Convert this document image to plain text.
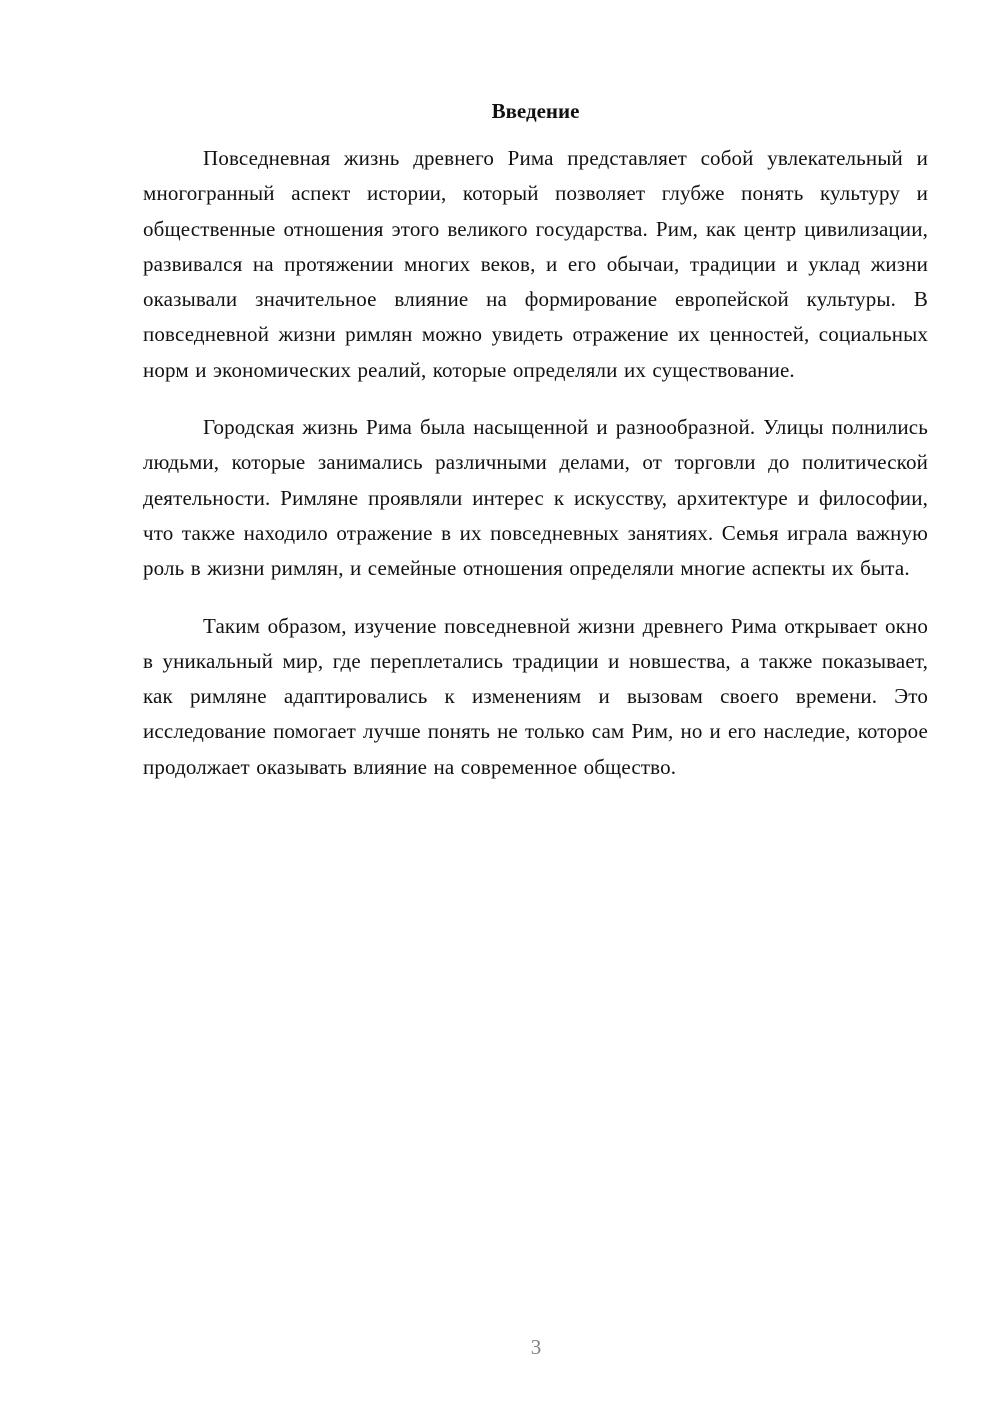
Введение

Повседневная жизнь древнего Рима представляет собой увлекательный и многогранный аспект истории, который позволяет глубже понять культуру и общественные отношения этого великого государства. Рим, как центр цивилизации, развивался на протяжении многих веков, и его обычаи, традиции и уклад жизни оказывали значительное влияние на формирование европейской культуры. В повседневной жизни римлян можно увидеть отражение их ценностей, социальных норм и экономических реалий, которые определяли их существование.

Городская жизнь Рима была насыщенной и разнообразной. Улицы полнились людьми, которые занимались различными делами, от торговли до политической деятельности. Римляне проявляли интерес к искусству, архитектуре и философии, что также находило отражение в их повседневных занятиях. Семья играла важную роль в жизни римлян, и семейные отношения определяли многие аспекты их быта.

Таким образом, изучение повседневной жизни древнего Рима открывает окно в уникальный мир, где переплетались традиции и новшества, а также показывает, как римляне адаптировались к изменениям и вызовам своего времени. Это исследование помогает лучше понять не только сам Рим, но и его наследие, которое продолжает оказывать влияние на современное общество.

3
